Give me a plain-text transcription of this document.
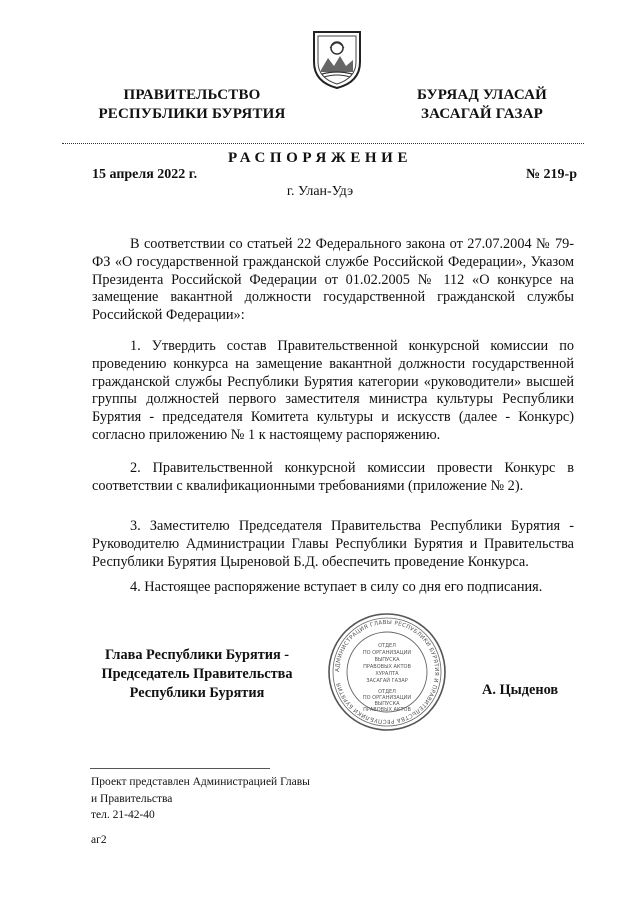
ПРАВИТЕЛЬСТВО
РЕСПУБЛИКИ БУРЯТИЯ
БУРЯАД УЛАСАЙ
ЗАСАГАЙ ГАЗАР
РАСПОРЯЖЕНИЕ
15 апреля 2022 г.	№ 219-р
г. Улан-Удэ

В соответствии со статьей 22 Федерального закона от 27.07.2004 № 79-ФЗ «О государственной гражданской службе Российской Федерации», Указом Президента Российской Федерации от 01.02.2005 № 112 «О конкурсе на замещение вакантной должности государственной гражданской службы Российской Федерации»:

1. Утвердить состав Правительственной конкурсной комиссии по проведению конкурса на замещение вакантной должности государственной гражданской службы Республики Бурятия категории «руководители» высшей группы должностей первого заместителя министра культуры Республики Бурятия - председателя Комитета культуры и искусств (далее - Конкурс) согласно приложению № 1 к настоящему распоряжению.

2. Правительственной конкурсной комиссии провести Конкурс в соответствии с квалификационными требованиями (приложение № 2).

3. Заместителю Председателя Правительства Республики Бурятия - Руководителю Администрации Главы Республики Бурятия и Правительства Республики Бурятия Цыреновой Б.Д. обеспечить проведение Конкурса.

4. Настоящее распоряжение вступает в силу со дня его подписания.

Глава Республики Бурятия -
Председатель Правительства
Республики Бурятия
АДМИНИСТРАЦИЯ ГЛАВЫ РЕСПУБЛИКИ БУРЯТИЯ И ПРАВИТЕЛЬСТВА РЕСПУБЛИКИ БУРЯТИЯ
ОТДЕЛ
ПО ОРГАНИЗАЦИИ
ВЫПУСКА
ПРАВОВЫХ АКТОВ
ХУРАЛТА
ЗАСАГАЙ ГАЗАР
ОТДЕЛ
ПО ОРГАНИЗАЦИИ
ВЫПУСКА
ПРАВОВЫХ АКТОВ
А. Цыденов
Проект представлен Администрацией Главы
и Правительства
тел. 21-42-40
аг2
